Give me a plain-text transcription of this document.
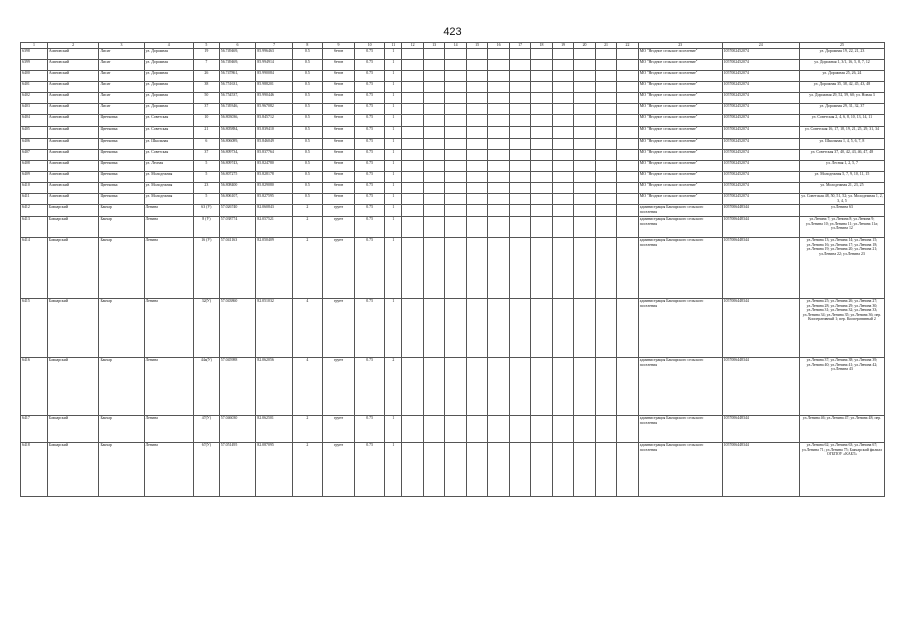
423
1	2	3	4	5	6	7	8	9	10	11	12	13	14	15	16	17	18	19	20	21	22	23	24	25
6398	Асиновский	Лисят	ул. Дорожная	19	56.749469,	85.996463	0.5	бетон	0.75	1												МО "Ягодное сельское поселение"	1057002452074	ул. Дорожная 19, 22, 21, 23
6399	Асиновский	Лисят	ул. Дорожная	7	56.749469,	85.994914	0.5	бетон	0.75	1												МО "Ягодное сельское поселение"	1057002452074	ул. Дорожная 1, 3/1, 16, 5, 8, 7, 12
6400	Асиновский	Лисят	ул. Дорожная	26	56.747861,	85.990084	0.5	бетон	0.75	1												МО "Ягодное сельское поселение"	1057002452074	ул. Дорожная 25, 26, 24
6401	Асиновский	Лисят	ул. Дорожная	38	56.751631,	85.988201	0.5	бетон	0.75	1												МО "Ягодное сельское поселение"	1057002452074	ул. Дорожная 35, 38, 42, 45, 43, 48
6402	Асиновский	Лисят	ул. Дорожная	50	56.754537,	85.990446	0.5	бетон	0.75	1												МО "Ягодное сельское поселение"	1057002452074	ул. Дорожная 29, 52, 59, 60; ул. Новая 3
6403	Асиновский	Лисят	ул. Дорожная	37	56.749346,	85.967082	0.5	бетон	0.75	1												МО "Ягодное сельское поселение"	1057002452074	ул. Дорожная 29, 31, 32, 37
6404	Асиновский	Цветковка	ул. Советская	10	56.803036,	85.845712	0.5	бетон	0.75	1												МО "Ягодное сельское поселение"	1057002452074	ул. Советская 2, 4, 6, 8, 10, 13, 14, 11
6405	Асиновский	Цветковка	ул. Советская	21	56.805884,	85.839410	0.5	бетон	0.75	1												МО "Ягодное сельское поселение"	1057002452074	ул. Советская 16, 17, 18, 19, 21, 25, 29, 31, 34
6406	Асиновский	Цветковка	ул. Школьная	6	56.806089,	85.846049	0.5	бетон	0.75	1												МО "Ягодное сельское поселение"	1057002452074	ул. Школьная 1, 4, 5, 6, 7, 8
6407	Асиновский	Цветковка	ул. Советская	37	56.809734,	85.837764	0.5	бетон	0.75	1												МО "Ягодное сельское поселение"	1057002452074	ул. Советская 37, 40, 42, 43, 46, 47, 48
6408	Асиновский	Цветковка	ул. Лесная	5	56.809743,	85.824780	0.5	бетон	0.75	1												МО "Ягодное сельское поселение"	1057002452074	ул. Лесная 1, 2, 5, 7
6409	Асиновский	Цветковка	ул. Молодежная	5	56.807275	85.828178	0.5	бетон	0.75	1												МО "Ягодное сельское поселение"	1057002452074	ул. Молодежная 5, 7, 9, 10, 11, 15
6410	Асиновский	Цветковка	ул. Молодежная	23	56.808400	85.829080	0.5	бетон	0.75	1												МО "Ягодное сельское поселение"	1057002452074	ул. Молодежная 21, 23, 25
6411	Асиновский	Цветковка	ул. Молодежная	5	56.806107,	85.827595	0.5	бетон	0.75	1												МО "Ягодное сельское поселение"	1057002452074	ул. Советская 48, 50, 51, 52; ул. Молодежная 1, 2, 3, 4, 5
6412	Бакчарский	Бакчар	Ленина	63 (У)	57.026740	82.060843	2	грунт	0.75	1												администрация Бакчарского сельского поселения	1057006448344	ул.Ленина 63
6413	Бакчарский	Бакчар	Ленина	8 (У)	57.038774	82.057521	2	грунт	0.75	1												администрация Бакчарского сельского поселения	1057006448344	ул.Ленина 7; ул.Ленина 8; ул.Ленина 9; ул.Ленина 10; ул.Ленина 11; ул.Ленина 11а; ул.Ленина 12
6414	Бакчарский	Бакчар	Ленина	16 (У)	57.041163	82.050409	2	грунт	0.75	1												администрация Бакчарского сельского поселения	1057006448344	ул.Ленина 13; ул.Ленина 14; ул.Ленина 15; ул.Ленина 16; ул.Ленина 17; ул.Ленина 18; ул.Ленина 19; ул.Ленина 20; ул.Ленина 21; ул.Ленина 22; ул.Ленина 23
6415	Бакчарский	Бакчар	Ленина	32(У)	57.043860	82.051032	4	грунт	0.75	1												администрация Бакчарского сельского поселения	1057006448344	ул.Ленина 25; ул.Ленина 26; ул.Ленина 27; ул.Ленина 28; ул.Ленина 29; ул.Ленина 30; ул.Ленина 31; ул.Ленина 32; ул.Ленина 33; ул.Ленина 34; ул.Ленина 35; ул.Ленина 36; пер. Кооперативный 1; пер. Кооперативный 2
6416	Бакчарский	Бакчар	Ленина	44а(У)	57.045988	82.062056	4	грунт	0.75	2												администрация Бакчарского сельского поселения	1057006448344	ул.Ленина 37; ул.Ленина 38; ул.Ленина 39; ул.Ленина 40; ул.Ленина 41; ул.Ленина 42; ул.Ленина 43
6417	Бакчарский	Бакчар	Ленина	47(У)	57.046030	82.062501	2	грунт	0.75	1												администрация Бакчарского сельского поселения	1057006448344	ул.Ленина 46; ул.Ленина 47; ул.Ленина 48; пер.
6418	Бакчарский	Бакчар	Ленина	67(У)	57.051495	82.087095	2	грунт	0.75	1												администрация Бакчарского сельского поселения	1057006448344	ул.Ленина 62; ул.Ленина 63; ул.Ленина 67; ул.Ленина 71; ул.Ленина 75; Бакчарский филиал ОГБПОУ «КАБТ»
